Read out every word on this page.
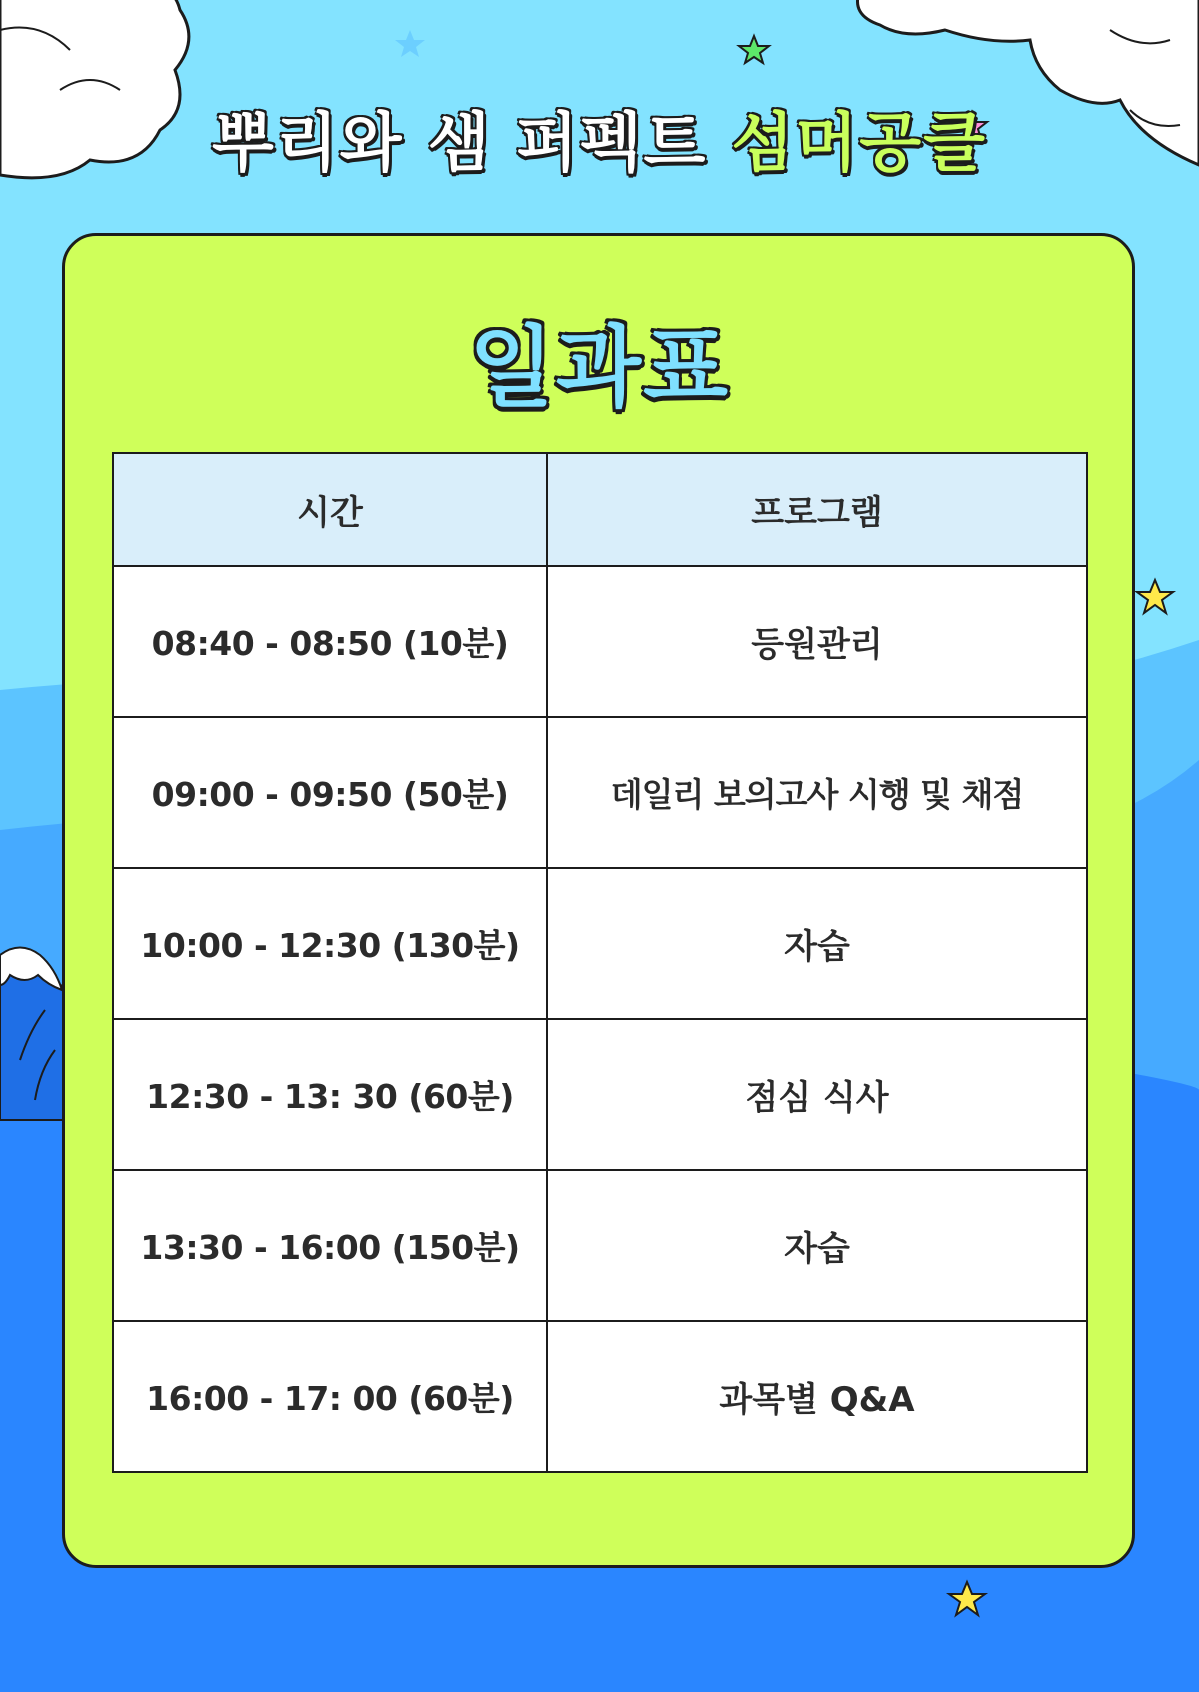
뿌리와 샘 퍼펙트 섬머공클
일과표
시간	프로그램
08:40 - 08:50 (10분)	등원관리
09:00 - 09:50 (50분)	데일리 보의고사 시행 및 채점
10:00 - 12:30 (130분)	자습
12:30 - 13: 30 (60분)	점심 식사
13:30 - 16:00 (150분)	자습
16:00 - 17: 00 (60분)	과목별 Q&A
